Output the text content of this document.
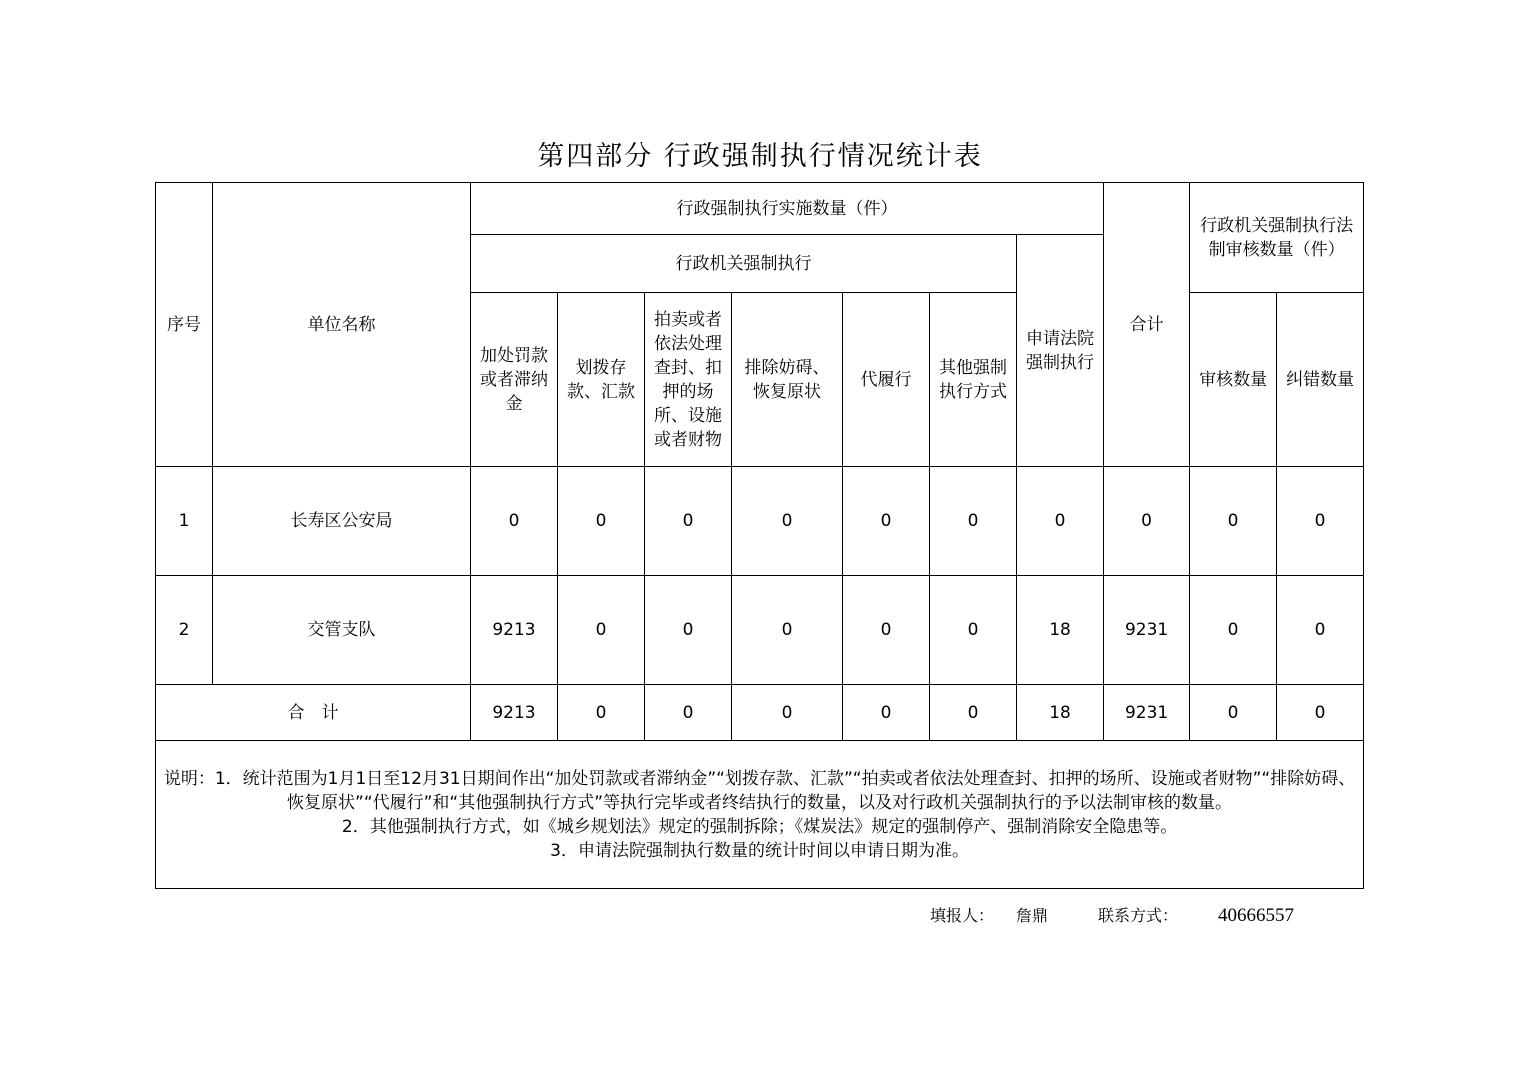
第四部分 行政强制执行情况统计表
序号	单位名称	行政强制执行实施数量（件）							合计	行政机关强制执行法制审核数量（件）	
		行政机关强制执行						申请法院强制执行			
		加处罚款或者滞纳金	划拨存款、汇款	拍卖或者依法处理查封、扣押的场所、设施或者财物	排除妨碍、恢复原状	代履行	其他强制执行方式			审核数量	纠错数量
1	长寿区公安局	0	0	0	0	0	0	0	0	0	0
2	交管支队	9213	0	0	0	0	0	18	9231	0	0
合　计		9213	0	0	0	0	0	18	9231	0	0

说明：1．统计范围为1月1日至12月31日期间作出“加处罚款或者滞纳金”“划拨存款、汇款”“拍卖或者依法处理查封、扣押的场所、设施或者财物”“排除妨碍、恢复原状”“代履行”和“其他强制执行方式”等执行完毕或者终结执行的数量，以及对行政机关强制执行的予以法制审核的数量。
2．其他强制执行方式，如《城乡规划法》规定的强制拆除；《煤炭法》规定的强制停产、强制消除安全隐患等。
3．申请法院强制执行数量的统计时间以申请日期为准。											
填报人： 詹鼎	联系方式： 40666557
